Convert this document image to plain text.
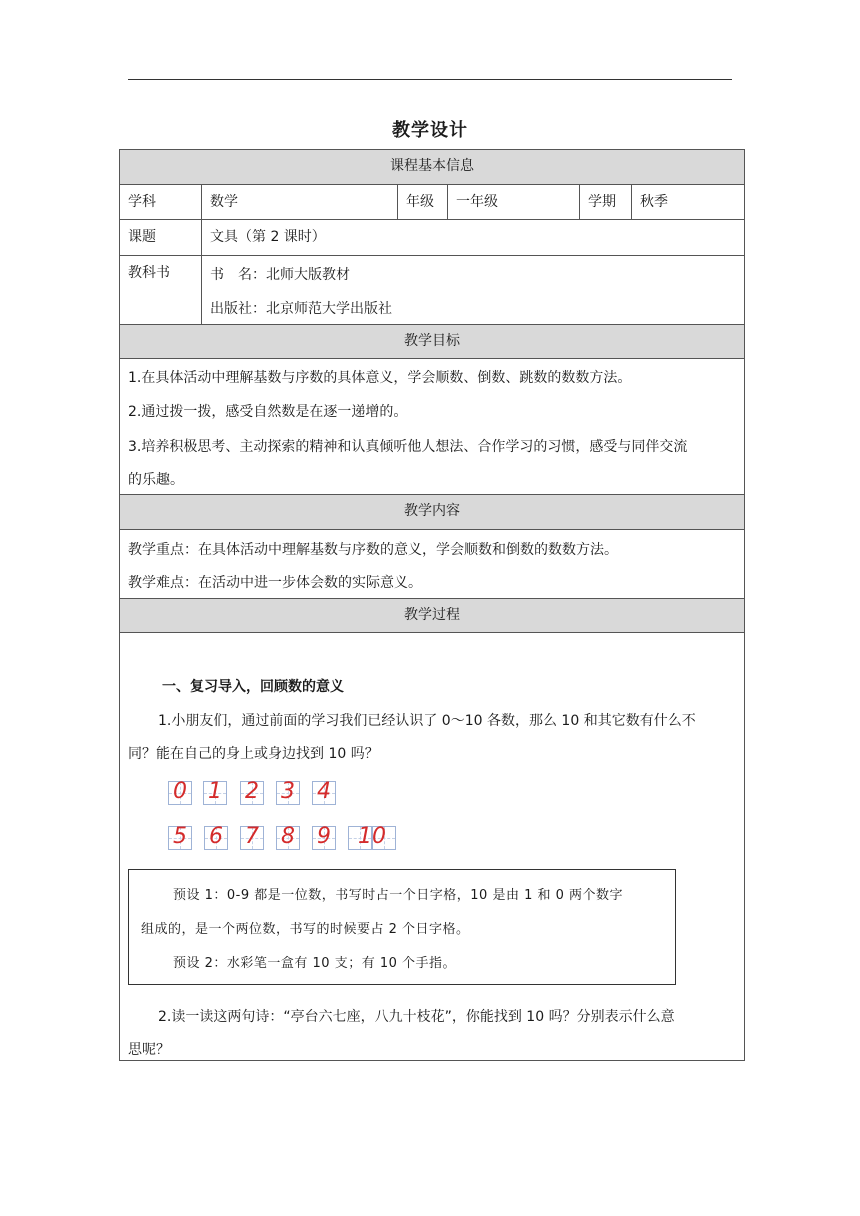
教学设计
课程基本信息
学科	数学	年级	一年级	学期	秋季
课题	文具（第 2 课时）
教科书	书　名：北师大版教材
出版社：北京师范大学出版社
教学目标
1.在具体活动中理解基数与序数的具体意义，学会顺数、倒数、跳数的数数方法。
2.通过拨一拨，感受自然数是在逐一递增的。
3.培养积极思考、主动探索的精神和认真倾听他人想法、合作学习的习惯，感受与同伴交流
的乐趣。
教学内容
教学重点：在具体活动中理解基数与序数的意义，学会顺数和倒数的数数方法。
教学难点：在活动中进一步体会数的实际意义。
教学过程
一、复习导入，回顾数的意义
1.小朋友们，通过前面的学习我们已经认识了 0～10 各数，那么 10 和其它数有什么不
同？能在自己的身上或身边找到 10 吗？
0 1 2 3 4
5 6 7 8 9	10
预设 1：0-9 都是一位数，书写时占一个日字格，10 是由 1 和 0 两个数字
组成的，是一个两位数，书写的时候要占 2 个日字格。
预设 2：水彩笔一盒有 10 支；有 10 个手指。
2.读一读这两句诗：“亭台六七座，八九十枝花”，你能找到 10 吗？分别表示什么意
思呢？
